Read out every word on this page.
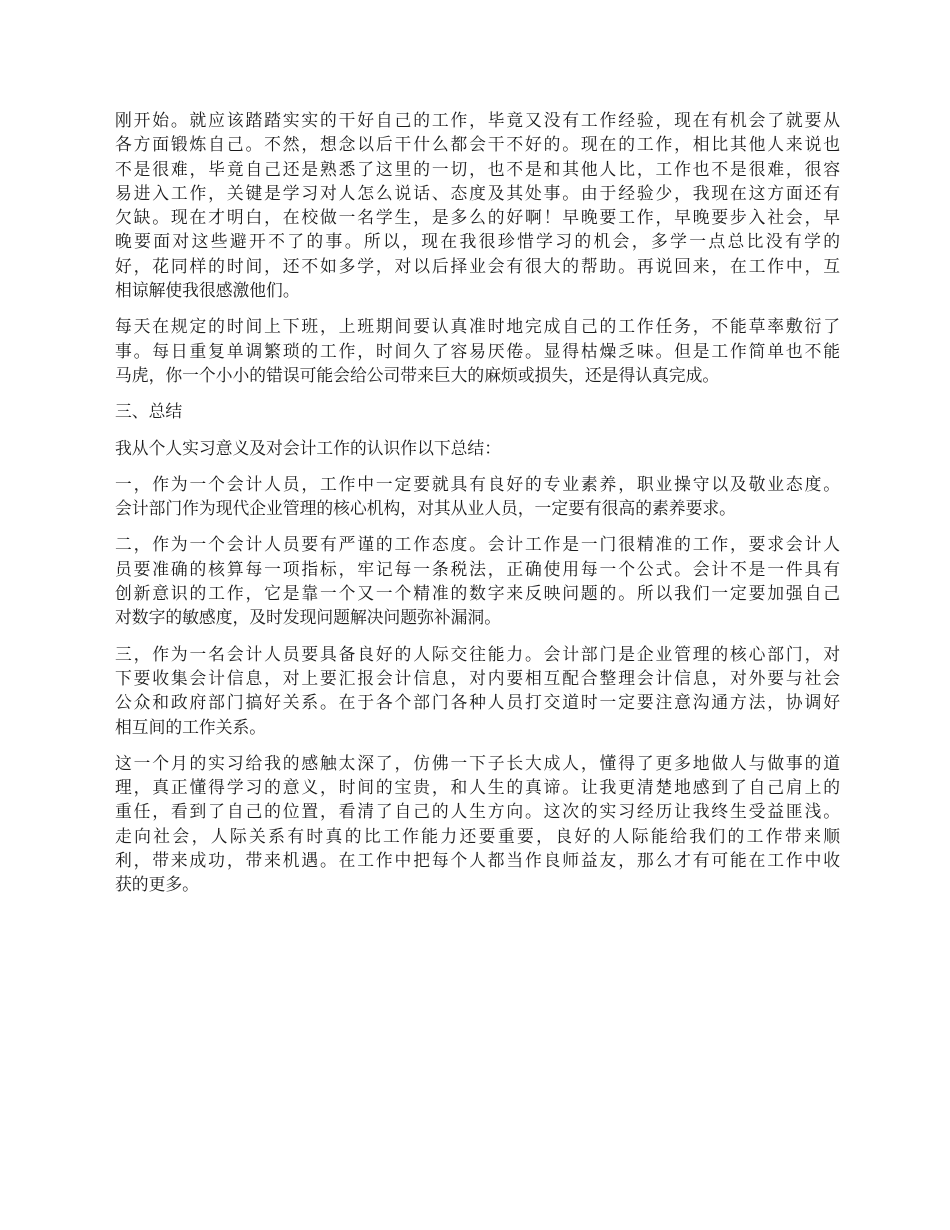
刚开始。就应该踏踏实实的干好自己的工作，毕竟又没有工作经验，现在有机会了就要从
各方面锻炼自己。不然，想念以后干什么都会干不好的。现在的工作，相比其他人来说也
不是很难，毕竟自己还是熟悉了这里的一切，也不是和其他人比，工作也不是很难，很容
易进入工作，关键是学习对人怎么说话、态度及其处事。由于经验少，我现在这方面还有
欠缺。现在才明白，在校做一名学生，是多么的好啊！早晚要工作，早晚要步入社会，早
晚要面对这些避开不了的事。所以，现在我很珍惜学习的机会，多学一点总比没有学的
好，花同样的时间，还不如多学，对以后择业会有很大的帮助。再说回来，在工作中，互
相谅解使我很感激他们。

每天在规定的时间上下班，上班期间要认真准时地完成自己的工作任务，不能草率敷衍了
事。每日重复单调繁琐的工作，时间久了容易厌倦。显得枯燥乏味。但是工作简单也不能
马虎，你一个小小的错误可能会给公司带来巨大的麻烦或损失，还是得认真完成。

三、总结

我从个人实习意义及对会计工作的认识作以下总结：

一，作为一个会计人员，工作中一定要就具有良好的专业素养，职业操守以及敬业态度。
会计部门作为现代企业管理的核心机构，对其从业人员，一定要有很高的素养要求。

二，作为一个会计人员要有严谨的工作态度。会计工作是一门很精准的工作，要求会计人
员要准确的核算每一项指标，牢记每一条税法，正确使用每一个公式。会计不是一件具有
创新意识的工作，它是靠一个又一个精准的数字来反映问题的。所以我们一定要加强自己
对数字的敏感度，及时发现问题解决问题弥补漏洞。

三，作为一名会计人员要具备良好的人际交往能力。会计部门是企业管理的核心部门，对
下要收集会计信息，对上要汇报会计信息，对内要相互配合整理会计信息，对外要与社会
公众和政府部门搞好关系。在于各个部门各种人员打交道时一定要注意沟通方法，协调好
相互间的工作关系。

这一个月的实习给我的感触太深了，仿佛一下子长大成人，懂得了更多地做人与做事的道
理，真正懂得学习的意义，时间的宝贵，和人生的真谛。让我更清楚地感到了自己肩上的
重任，看到了自己的位置，看清了自己的人生方向。这次的实习经历让我终生受益匪浅。
走向社会，人际关系有时真的比工作能力还要重要，良好的人际能给我们的工作带来顺
利，带来成功，带来机遇。在工作中把每个人都当作良师益友，那么才有可能在工作中收
获的更多。
